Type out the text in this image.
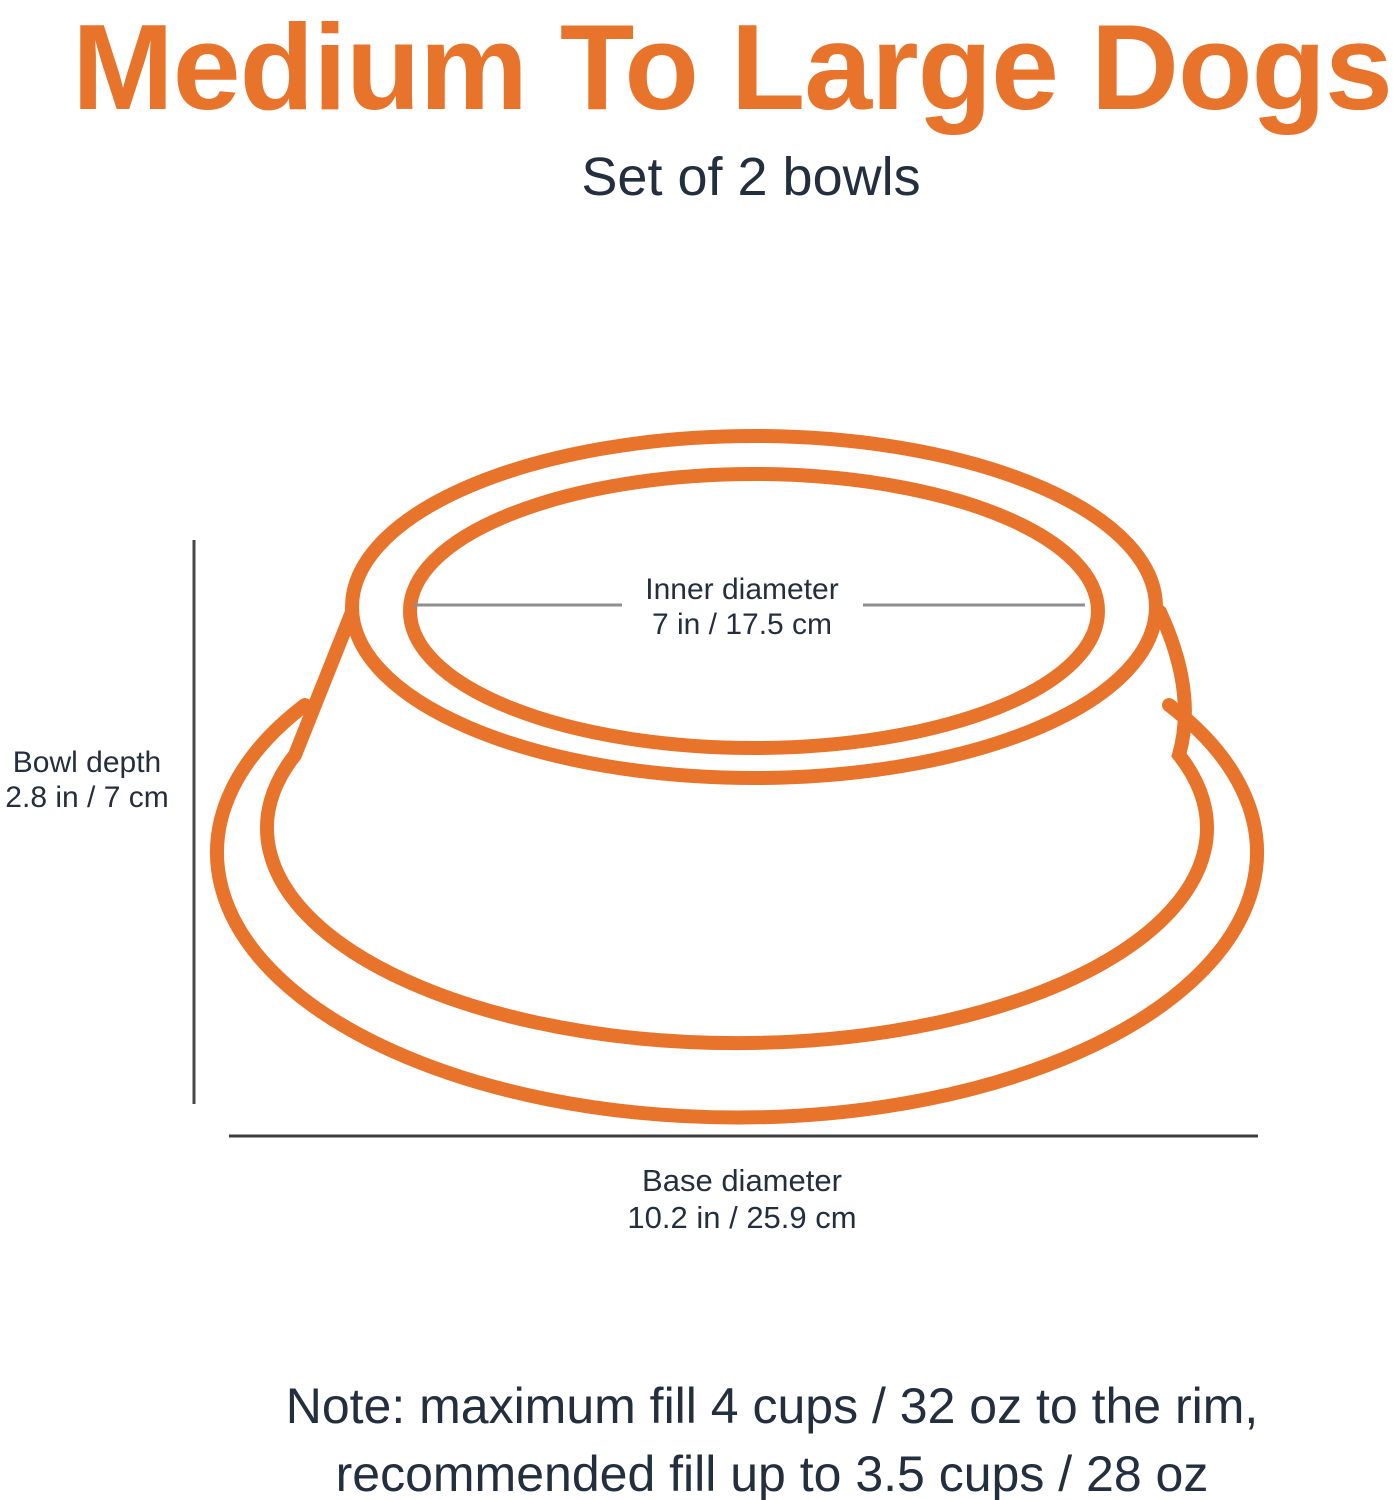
Medium To Large Dogs
Set of 2 bowls
Inner diameter
7 in / 17.5 cm
Bowl depth
2.8 in / 7 cm
Base diameter
10.2 in / 25.9 cm
Note: maximum fill 4 cups / 32 oz to the rim,
recommended fill up to 3.5 cups / 28 oz
